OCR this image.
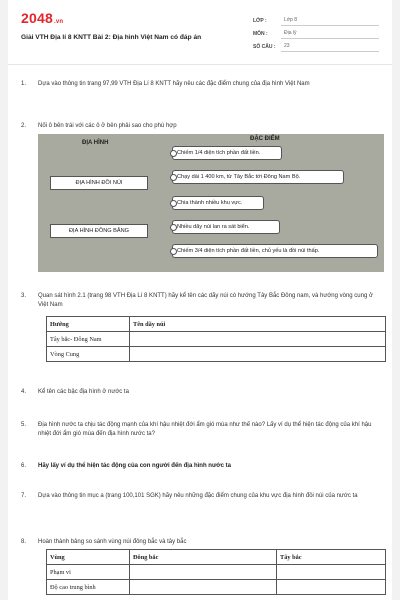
2048.vn
Giải VTH Địa lí 8 KNTT Bài 2: Địa hình Việt Nam có đáp án
LỚP :	Lớp 8
MÔN :	Địa lý
SỐ CÂU :	23
1. Dựa vào thông tin trang 97,99 VTH Địa Lí 8 KNTT hãy nêu các đặc điểm chung của địa hình Việt Nam
2. Nối ô bên trái với các ô ở bên phải sao cho phù hợp
ĐỊA HÌNH
ĐẶC ĐIỂM
ĐỊA HÌNH ĐỒI NÚI
ĐỊA HÌNH ĐỒNG BẰNG
Chiếm 1/4 diện tích phần đất liền.
Chạy dài 1 400 km, từ Tây Bắc tới Đông Nam Bộ.
Chia thành nhiều khu vực.
Nhiều dãy núi lan ra sát biển.
Chiếm 3/4 diện tích phần đất liền, chủ yếu là đồi núi thấp.
3. Quan sát hình 2.1 (trang 98 VTH Địa Lí 8 KNTT) hãy kể tên các dãy núi có hướng Tây Bắc Đông nam, và hướng vòng cung ở Việt Nam
Hướng	Tên dãy núi
Tây bắc- Đông Nam	
Vòng Cung	
4. Kể tên các bậc địa hình ở nước ta
5. Địa hình nước ta chịu tác động mạnh của khí hậu nhiệt đới ẩm gió mùa như thế nào? Lấy ví dụ thể hiện tác động của khí hậu nhiệt đới ẩm gió mùa đến địa hình nước ta?
6. Hãy lấy ví dụ thể hiện tác động của con người đến địa hình nước ta
7. Dựa vào thông tin mục a (trang 100,101 SGK) hãy nêu những đặc điểm chung của khu vực địa hình đồi núi của nước ta
8. Hoàn thành bảng so sánh vùng núi đông bắc và tây bắc
Vùng	Đông bắc	Tây bắc
Phạm vi		
Độ cao trung bình		
